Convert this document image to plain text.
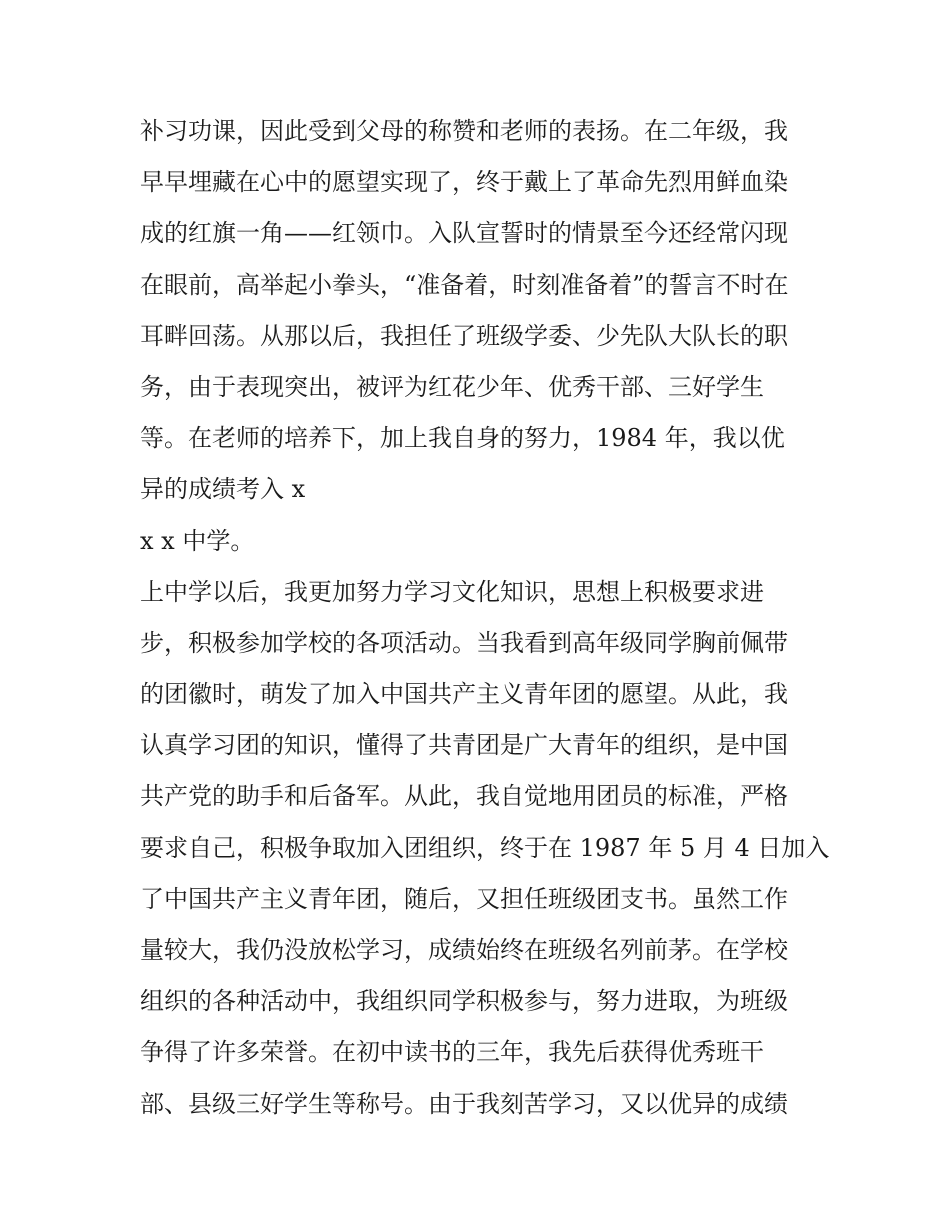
补习功课，因此受到父母的称赞和老师的表扬。在二年级，我
早早埋藏在心中的愿望实现了，终于戴上了革命先烈用鲜血染
成的红旗一角——红领巾。入队宣誓时的情景至今还经常闪现
在眼前，高举起小拳头，“准备着，时刻准备着”的誓言不时在
耳畔回荡。从那以后，我担任了班级学委、少先队大队长的职
务，由于表现突出，被评为红花少年、优秀干部、三好学生
等。在老师的培养下，加上我自身的努力，1984 年，我以优
异的成绩考入 x
x x 中学。
上中学以后，我更加努力学习文化知识，思想上积极要求进
步，积极参加学校的各项活动。当我看到高年级同学胸前佩带
的团徽时，萌发了加入中国共产主义青年团的愿望。从此，我
认真学习团的知识，懂得了共青团是广大青年的组织，是中国
共产党的助手和后备军。从此，我自觉地用团员的标准，严格
要求自己，积极争取加入团组织，终于在 1987 年 5 月 4 日加入
了中国共产主义青年团，随后，又担任班级团支书。虽然工作
量较大，我仍没放松学习，成绩始终在班级名列前茅。在学校
组织的各种活动中，我组织同学积极参与，努力进取，为班级
争得了许多荣誉。在初中读书的三年，我先后获得优秀班干
部、县级三好学生等称号。由于我刻苦学习，又以优异的成绩
